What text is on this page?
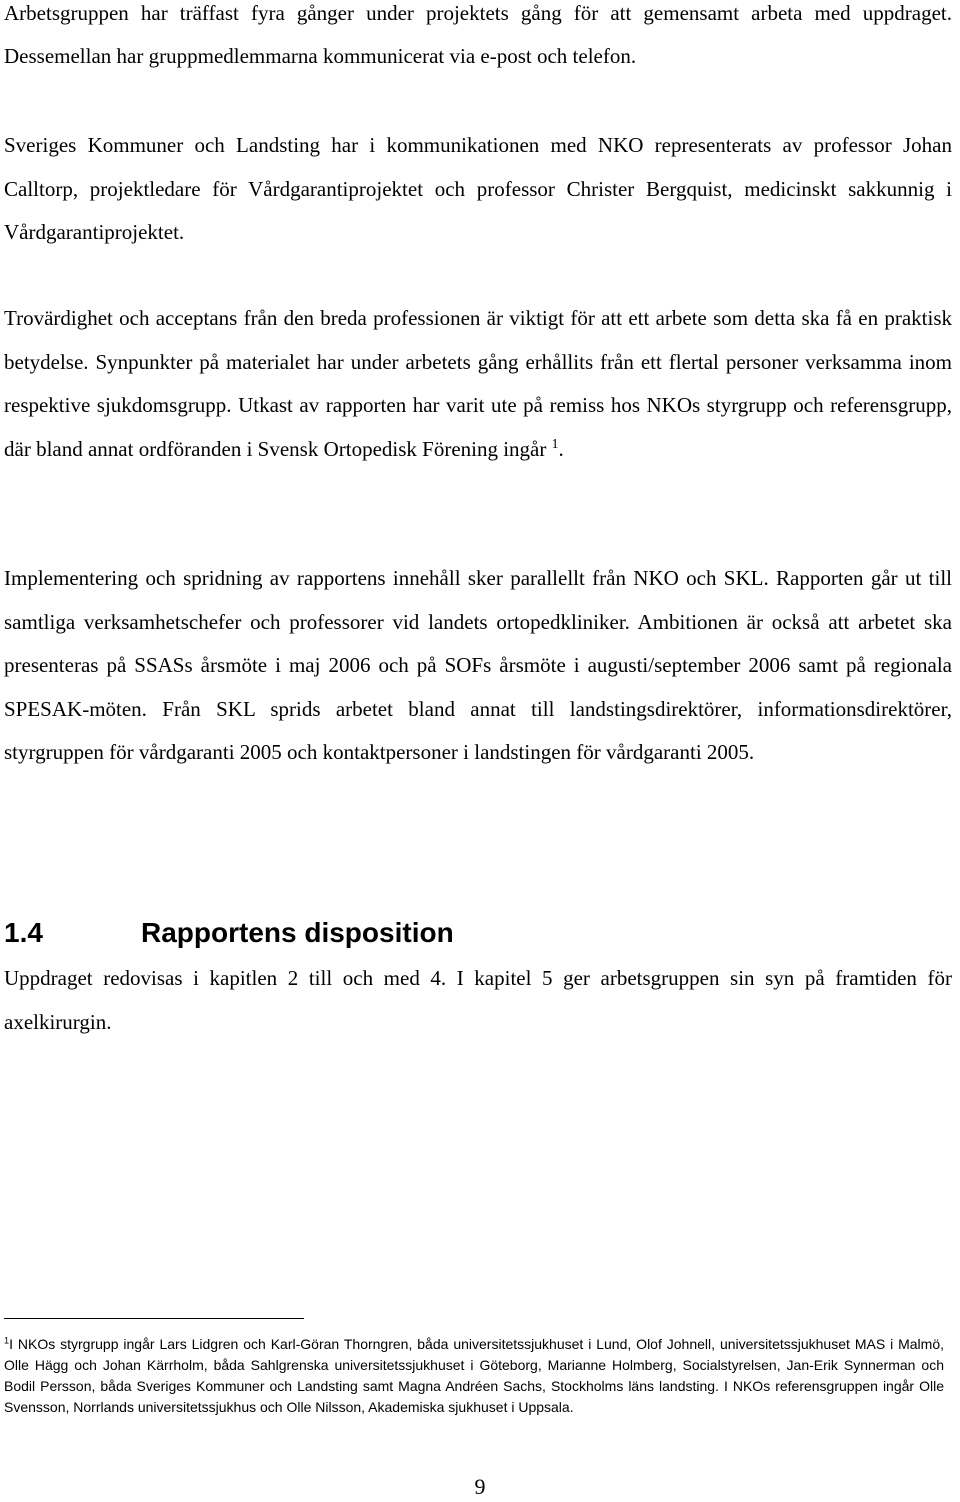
Arbetsgruppen har träffast fyra gånger under projektets gång för att gemensamt arbeta med uppdraget. Dessemellan har gruppmedlemmarna kommunicerat via e-post och telefon.

Sveriges Kommuner och Landsting har i kommunikationen med NKO representerats av professor Johan Calltorp, projektledare för Vårdgarantiprojektet och professor Christer Bergquist, medicinskt sakkunnig i Vårdgarantiprojektet.

Trovärdighet och acceptans från den breda professionen är viktigt för att ett arbete som detta ska få en praktisk betydelse. Synpunkter på materialet har under arbetets gång erhållits från ett flertal personer verksamma inom respektive sjukdomsgrupp. Utkast av rapporten har varit ute på remiss hos NKOs styrgrupp och referensgrupp, där bland annat ordföranden i Svensk Ortopedisk Förening ingår $^1$.

Implementering och spridning av rapportens innehåll sker parallellt från NKO och SKL. Rapporten går ut till samtliga verksamhetschefer och professorer vid landets ortopedkliniker. Ambitionen är också att arbetet ska presenteras på SSASs årsmöte i maj 2006 och på SOFs årsmöte i augusti/september 2006 samt på regionala SPESAK-möten. Från SKL sprids arbetet bland annat till landstingsdirektörer, informationsdirektörer, styrgruppen för vårdgaranti 2005 och kontaktpersoner i landstingen för vårdgaranti 2005.

1.4	Rapportens disposition

Uppdraget redovisas i kapitlen 2 till och med 4. I kapitel 5 ger arbetsgruppen sin syn på framtiden för axelkirurgin.

$^1$I NKOs styrgrupp ingår Lars Lidgren och Karl-Göran Thorngren, båda universitetssjukhuset i Lund, Olof Johnell, universitetssjukhuset MAS i Malmö, Olle Hägg och Johan Kärrholm, båda Sahlgrenska universitetssjukhuset i Göteborg, Marianne Holmberg, Socialstyrelsen, Jan-Erik Synnerman och Bodil Persson, båda Sveriges Kommuner och Landsting samt Magna Andréen Sachs, Stockholms läns landsting. I NKOs referensgruppen ingår Olle Svensson, Norrlands universitetssjukhus och Olle Nilsson, Akademiska sjukhuset i Uppsala.

9
